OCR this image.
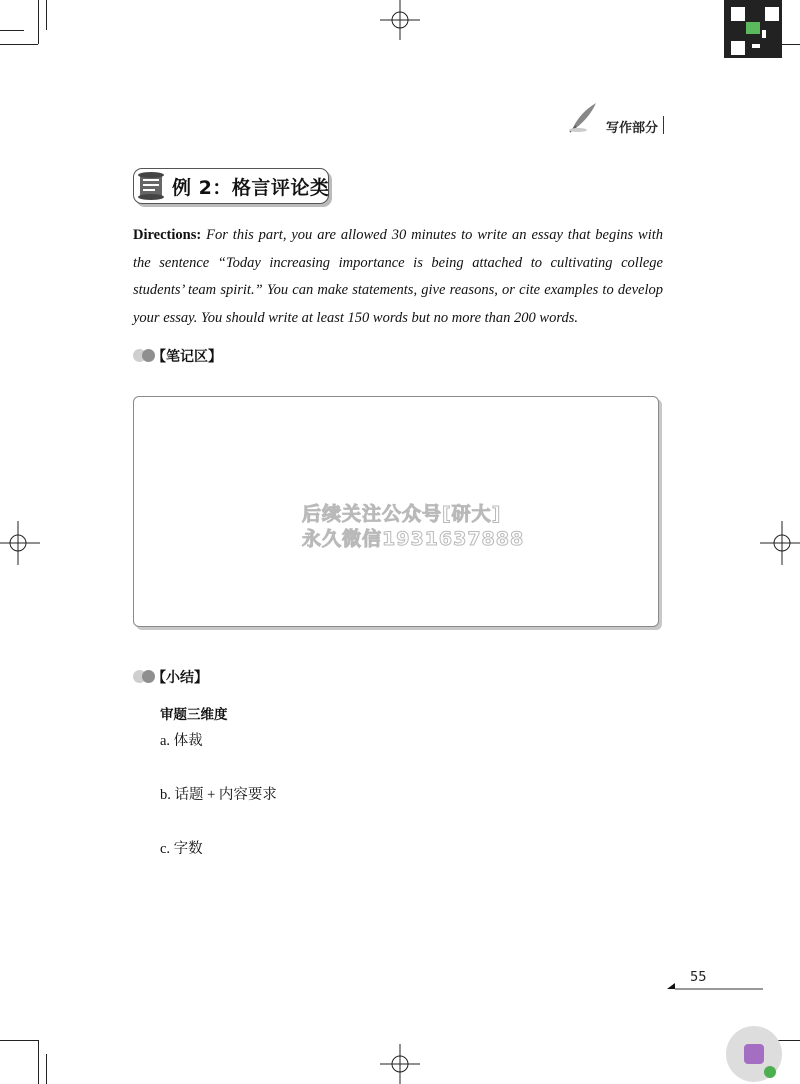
写作部分
例 2：格言评论类
Directions: For this part, you are allowed 30 minutes to write an essay that begins with the sentence “Today increasing importance is being attached to cultivating college students’ team spirit.” You can make statements, give reasons, or cite examples to develop your essay. You should write at least 150 words but no more than 200 words.
【笔记区】
后续关注公众号[研大]
永久微信1931637888
【小结】
审题三维度
a. 体裁
b. 话题 + 内容要求
c. 字数
55
